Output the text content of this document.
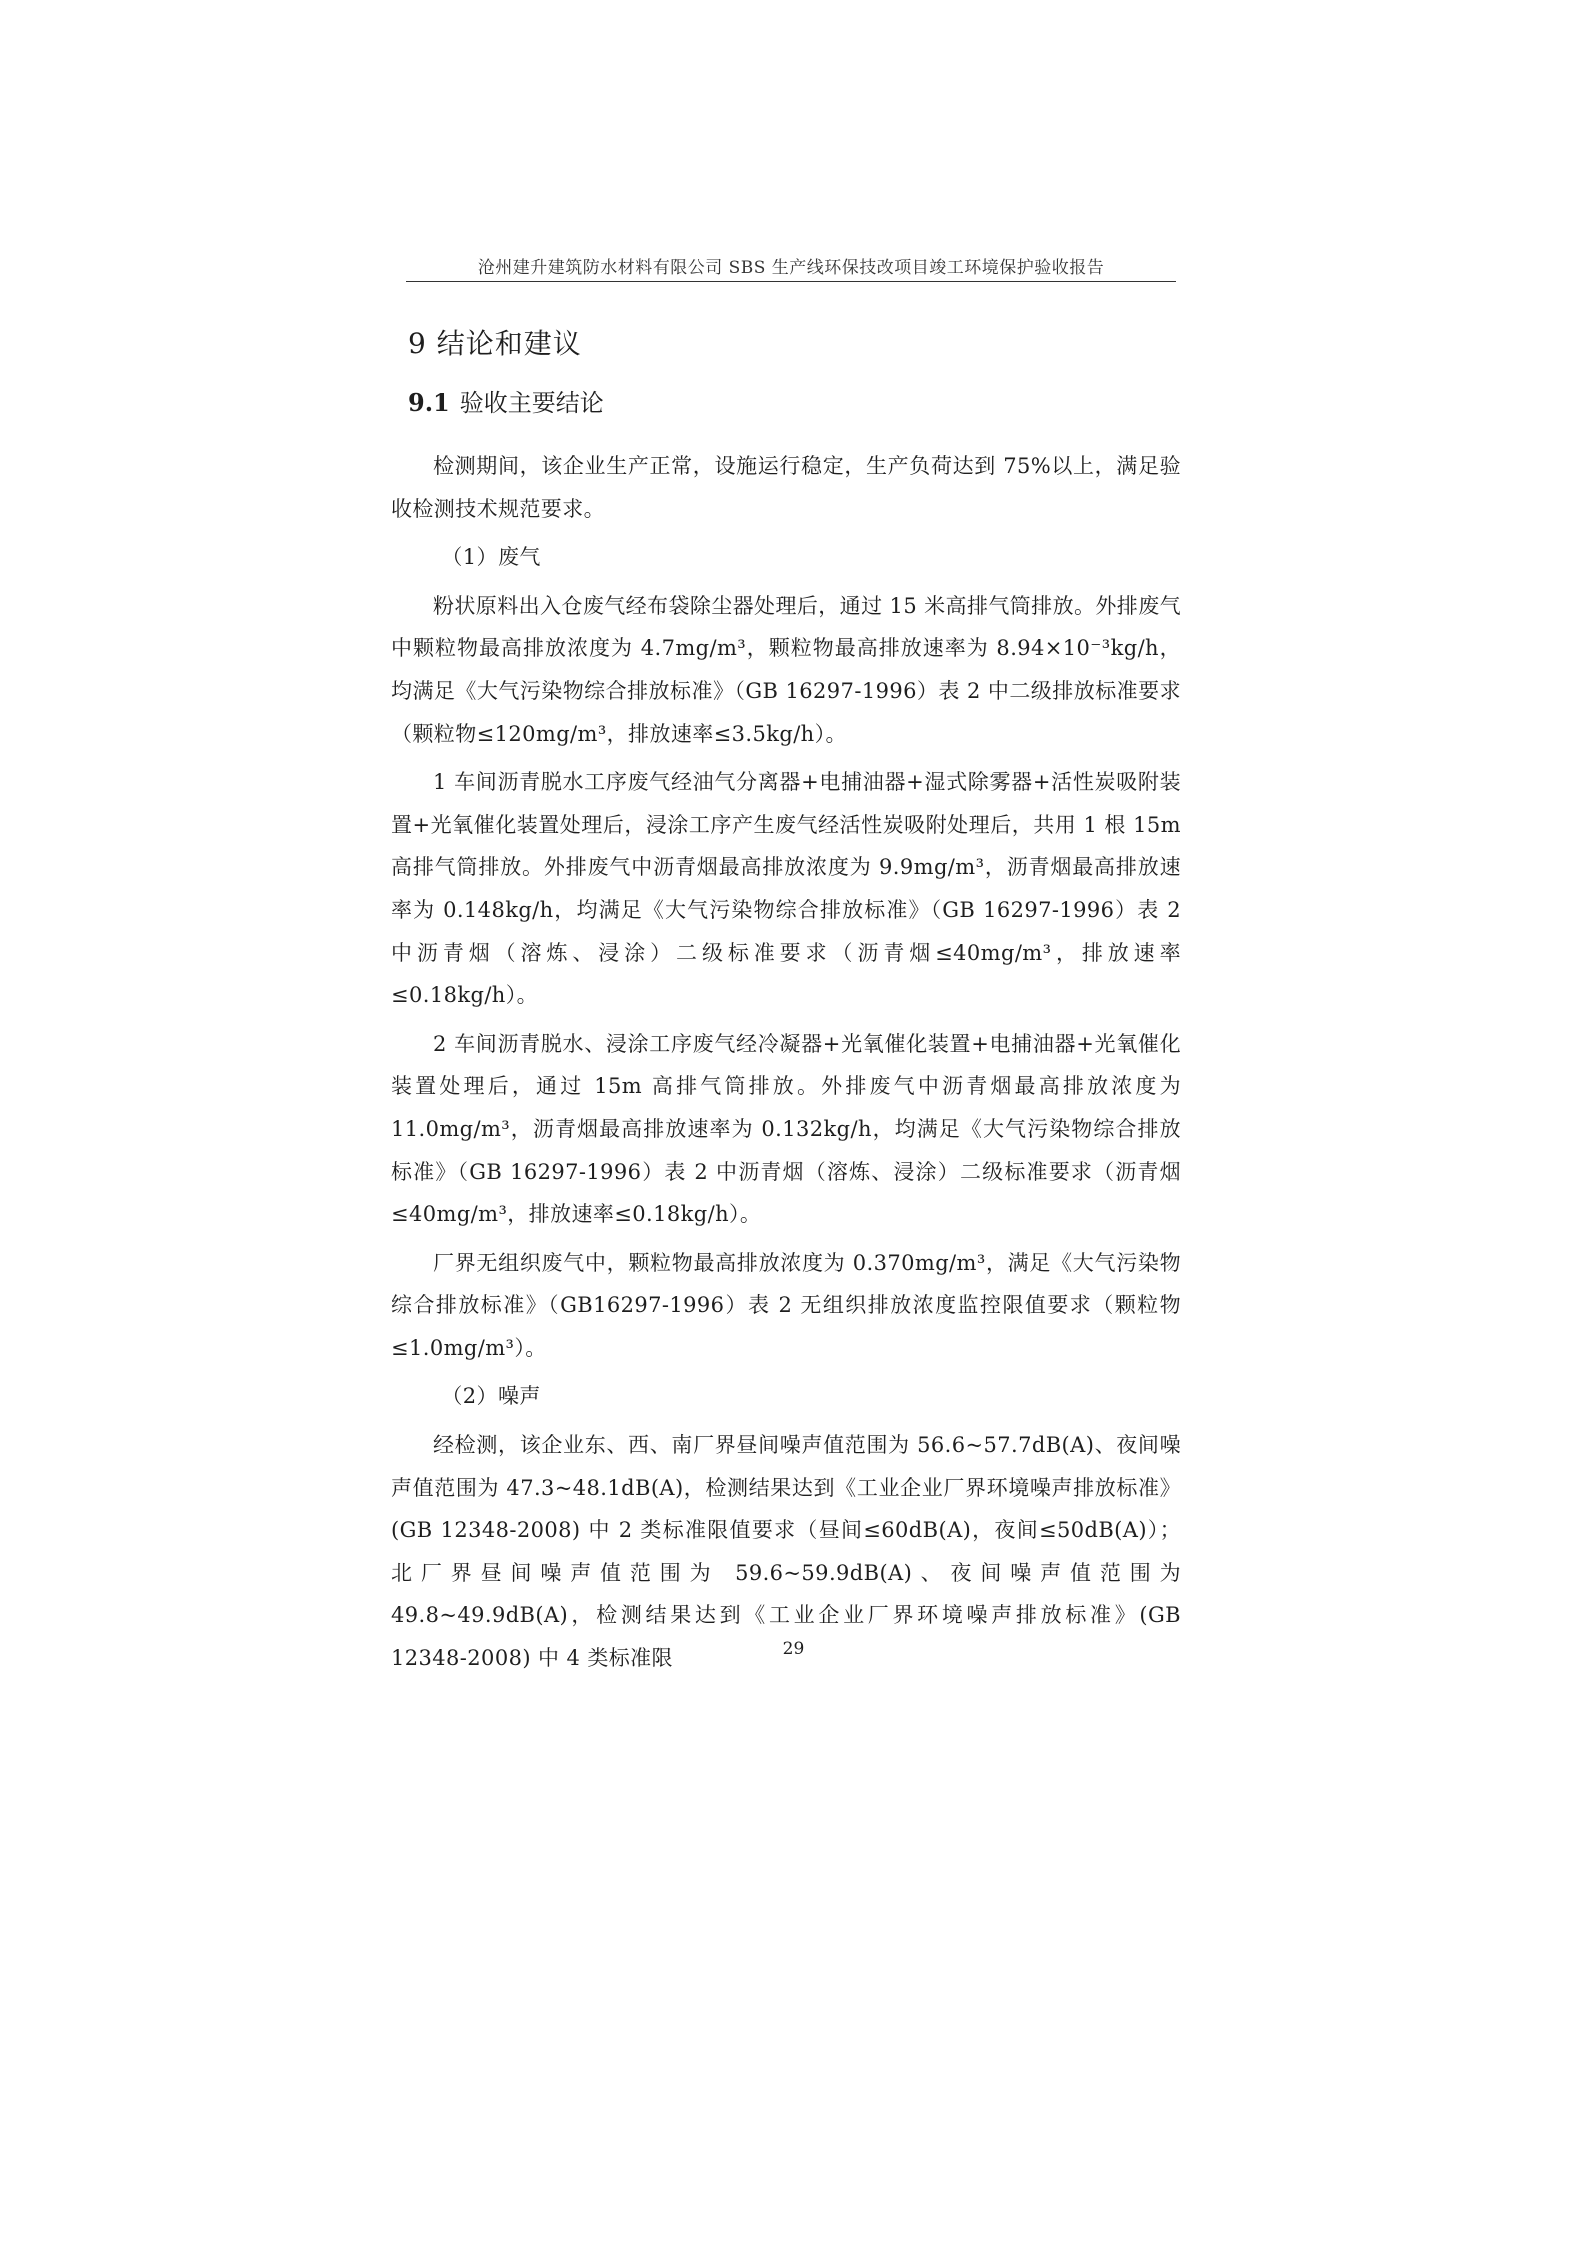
沧州建升建筑防水材料有限公司 SBS 生产线环保技改项目竣工环境保护验收报告
9 结论和建议
9.1 验收主要结论

检测期间，该企业生产正常，设施运行稳定，生产负荷达到 75%以上，满足验收检测技术规范要求。

（1）废气

粉状原料出入仓废气经布袋除尘器处理后，通过 15 米高排气筒排放。外排废气中颗粒物最高排放浓度为 4.7mg/m³，颗粒物最高排放速率为 8.94×10⁻³kg/h，均满足《大气污染物综合排放标准》（GB 16297-1996）表 2 中二级排放标准要求（颗粒物≤120mg/m³，排放速率≤3.5kg/h）。

1 车间沥青脱水工序废气经油气分离器+电捕油器+湿式除雾器+活性炭吸附装置+光氧催化装置处理后，浸涂工序产生废气经活性炭吸附处理后，共用 1 根 15m 高排气筒排放。外排废气中沥青烟最高排放浓度为 9.9mg/m³，沥青烟最高排放速率为 0.148kg/h，均满足《大气污染物综合排放标准》（GB 16297-1996）表 2 中沥青烟（溶炼、浸涂）二级标准要求（沥青烟≤40mg/m³，排放速率≤0.18kg/h）。

2 车间沥青脱水、浸涂工序废气经冷凝器+光氧催化装置+电捕油器+光氧催化装置处理后，通过 15m 高排气筒排放。外排废气中沥青烟最高排放浓度为 11.0mg/m³，沥青烟最高排放速率为 0.132kg/h，均满足《大气污染物综合排放标准》（GB 16297-1996）表 2 中沥青烟（溶炼、浸涂）二级标准要求（沥青烟≤40mg/m³，排放速率≤0.18kg/h）。

厂界无组织废气中，颗粒物最高排放浓度为 0.370mg/m³，满足《大气污染物综合排放标准》（GB16297-1996）表 2 无组织排放浓度监控限值要求（颗粒物≤1.0mg/m³）。

（2）噪声

经检测，该企业东、西、南厂界昼间噪声值范围为 56.6~57.7dB(A)、夜间噪声值范围为 47.3~48.1dB(A)，检测结果达到《工业企业厂界环境噪声排放标准》(GB 12348-2008) 中 2 类标准限值要求（昼间≤60dB(A)，夜间≤50dB(A)）；北厂界昼间噪声值范围为 59.6~59.9dB(A)、夜间噪声值范围为 49.8~49.9dB(A)，检测结果达到《工业企业厂界环境噪声排放标准》(GB 12348-2008) 中 4 类标准限	29
